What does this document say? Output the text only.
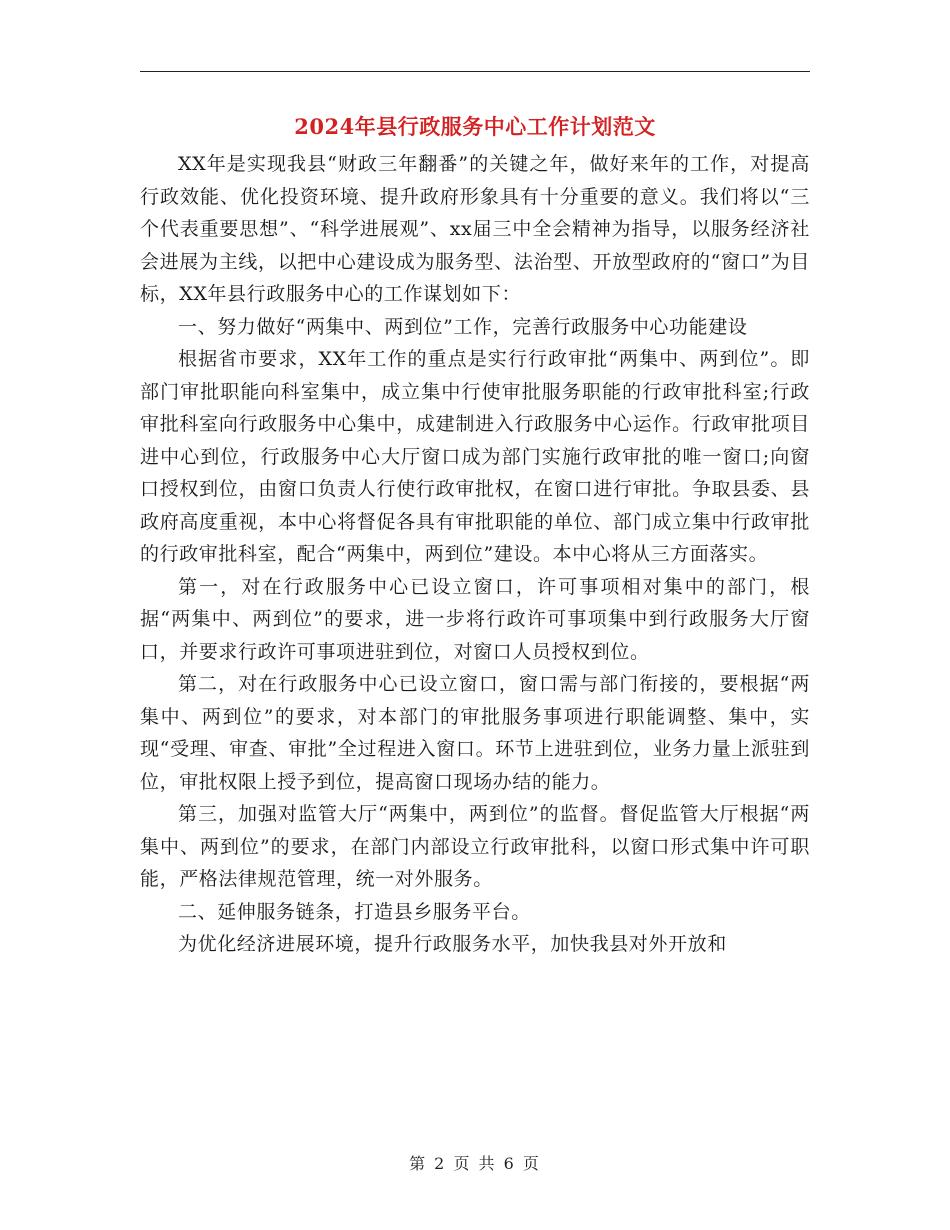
2024年县行政服务中心工作计划范文

XX年是实现我县“财政三年翻番”的关键之年，做好来年的工作，对提高行政效能、优化投资环境、提升政府形象具有十分重要的意义。我们将以“三个代表重要思想”、“科学进展观”、xx届三中全会精神为指导，以服务经济社会进展为主线，以把中心建设成为服务型、法治型、开放型政府的“窗口”为目标，XX年县行政服务中心的工作谋划如下：

一、努力做好“两集中、两到位”工作，完善行政服务中心功能建设

根据省市要求，XX年工作的重点是实行行政审批“两集中、两到位”。即部门审批职能向科室集中，成立集中行使审批服务职能的行政审批科室;行政审批科室向行政服务中心集中，成建制进入行政服务中心运作。行政审批项目进中心到位，行政服务中心大厅窗口成为部门实施行政审批的唯一窗口;向窗口授权到位，由窗口负责人行使行政审批权，在窗口进行审批。争取县委、县政府高度重视，本中心将督促各具有审批职能的单位、部门成立集中行政审批的行政审批科室，配合“两集中，两到位”建设。本中心将从三方面落实。

第一，对在行政服务中心已设立窗口，许可事项相对集中的部门，根据“两集中、两到位”的要求，进一步将行政许可事项集中到行政服务大厅窗口，并要求行政许可事项进驻到位，对窗口人员授权到位。

第二，对在行政服务中心已设立窗口，窗口需与部门衔接的，要根据“两集中、两到位”的要求，对本部门的审批服务事项进行职能调整、集中，实现“受理、审查、审批”全过程进入窗口。环节上进驻到位，业务力量上派驻到位，审批权限上授予到位，提高窗口现场办结的能力。

第三，加强对监管大厅“两集中，两到位”的监督。督促监管大厅根据“两集中、两到位”的要求，在部门内部设立行政审批科，以窗口形式集中许可职能，严格法律规范管理，统一对外服务。

二、延伸服务链条，打造县乡服务平台。

为优化经济进展环境，提升行政服务水平，加快我县对外开放和

第 2 页 共 6 页
